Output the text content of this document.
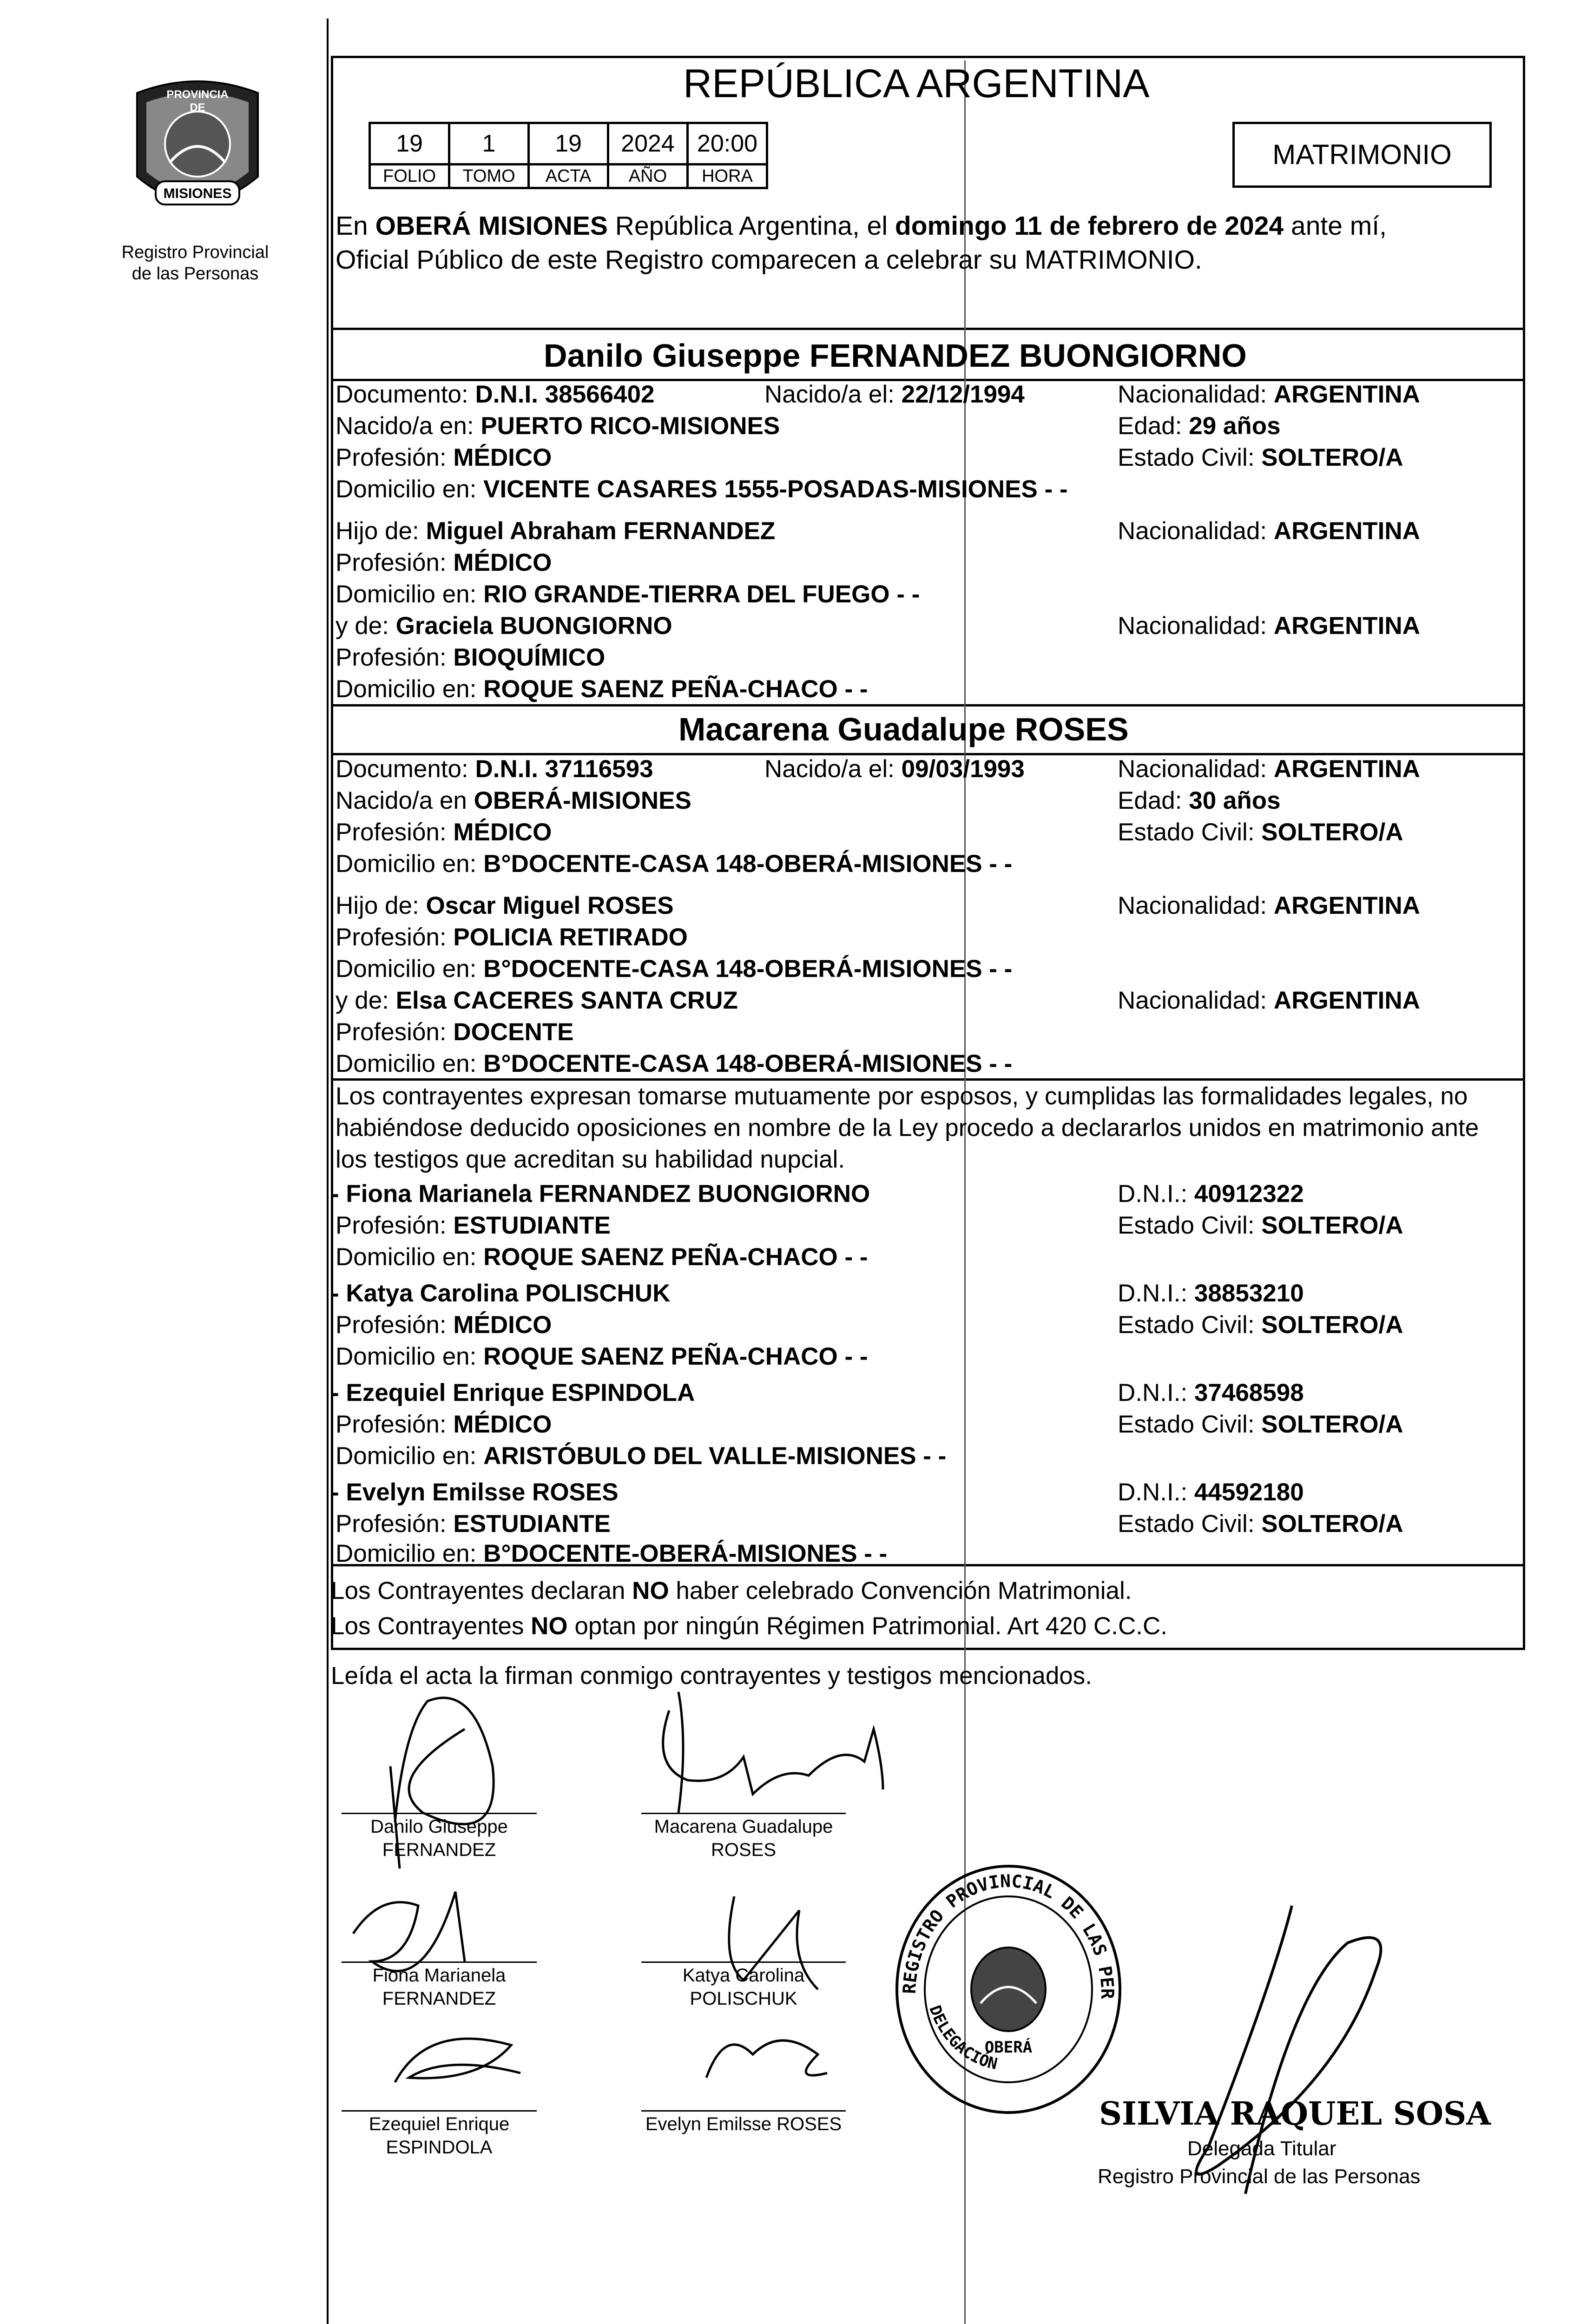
PROVINCIA DE
MISIONES
Registro Provincial
de las Personas
REPÚBLICA ARGENTINA
19	1	19	2024	20:00
FOLIO	TOMO	ACTA	AÑO	HORA
MATRIMONIO
En OBERÁ MISIONES República Argentina, el domingo 11 de febrero de 2024 ante mí,
Oficial Público de este Registro comparecen a celebrar su MATRIMONIO.
Danilo Giuseppe FERNANDEZ BUONGIORNO
Documento: D.N.I. 38566402	Nacido/a el: 22/12/1994	Nacionalidad: ARGENTINA
Nacido/a en: PUERTO RICO-MISIONES	Edad: 29 años
Profesión: MÉDICO	Estado Civil: SOLTERO/A
Domicilio en: VICENTE CASARES 1555-POSADAS-MISIONES - -
Hijo de: Miguel Abraham FERNANDEZ	Nacionalidad: ARGENTINA
Profesión: MÉDICO
Domicilio en: RIO GRANDE-TIERRA DEL FUEGO - -
y de: Graciela BUONGIORNO	Nacionalidad: ARGENTINA
Profesión: BIOQUÍMICO
Domicilio en: ROQUE SAENZ PEÑA-CHACO - -
Macarena Guadalupe ROSES
Documento: D.N.I. 37116593	Nacido/a el: 09/03/1993	Nacionalidad: ARGENTINA
Nacido/a en OBERÁ-MISIONES	Edad: 30 años
Profesión: MÉDICO	Estado Civil: SOLTERO/A
Domicilio en: B°DOCENTE-CASA 148-OBERÁ-MISIONES - -
Hijo de: Oscar Miguel ROSES	Nacionalidad: ARGENTINA
Profesión: POLICIA RETIRADO
Domicilio en: B°DOCENTE-CASA 148-OBERÁ-MISIONES - -
y de: Elsa CACERES SANTA CRUZ	Nacionalidad: ARGENTINA
Profesión: DOCENTE
Domicilio en: B°DOCENTE-CASA 148-OBERÁ-MISIONES - -
Los contrayentes expresan tomarse mutuamente por esposos, y cumplidas las formalidades legales, no
habiéndose deducido oposiciones en nombre de la Ley procedo a declararlos unidos en matrimonio ante
los testigos que acreditan su habilidad nupcial.
- Fiona Marianela FERNANDEZ BUONGIORNO	D.N.I.: 40912322
Profesión: ESTUDIANTE	Estado Civil: SOLTERO/A
Domicilio en: ROQUE SAENZ PEÑA-CHACO - -
- Katya Carolina POLISCHUK	D.N.I.: 38853210
Profesión: MÉDICO	Estado Civil: SOLTERO/A
Domicilio en: ROQUE SAENZ PEÑA-CHACO - -
- Ezequiel Enrique ESPINDOLA	D.N.I.: 37468598
Profesión: MÉDICO	Estado Civil: SOLTERO/A
Domicilio en: ARISTÓBULO DEL VALLE-MISIONES - -
- Evelyn Emilsse ROSES	D.N.I.: 44592180
Profesión: ESTUDIANTE	Estado Civil: SOLTERO/A
Domicilio en: B°DOCENTE-OBERÁ-MISIONES - -
Los Contrayentes declaran NO haber celebrado Convención Matrimonial.
Los Contrayentes NO optan por ningún Régimen Patrimonial. Art 420 C.C.C.
Leída el acta la firman conmigo contrayentes y testigos mencionados.
Danilo Giuseppe
FERNANDEZ
Macarena Guadalupe
ROSES
Fiona Marianela
FERNANDEZ
Katya Carolina
POLISCHUK
Ezequiel Enrique
ESPINDOLA
Evelyn Emilsse ROSES
REGISTRO PROVINCIAL DE LAS PER
DELEGACIÓN
OBERÁ
SILVIA RAQUEL SOSA
Delegada Titular
Registro Provincial de las Personas
